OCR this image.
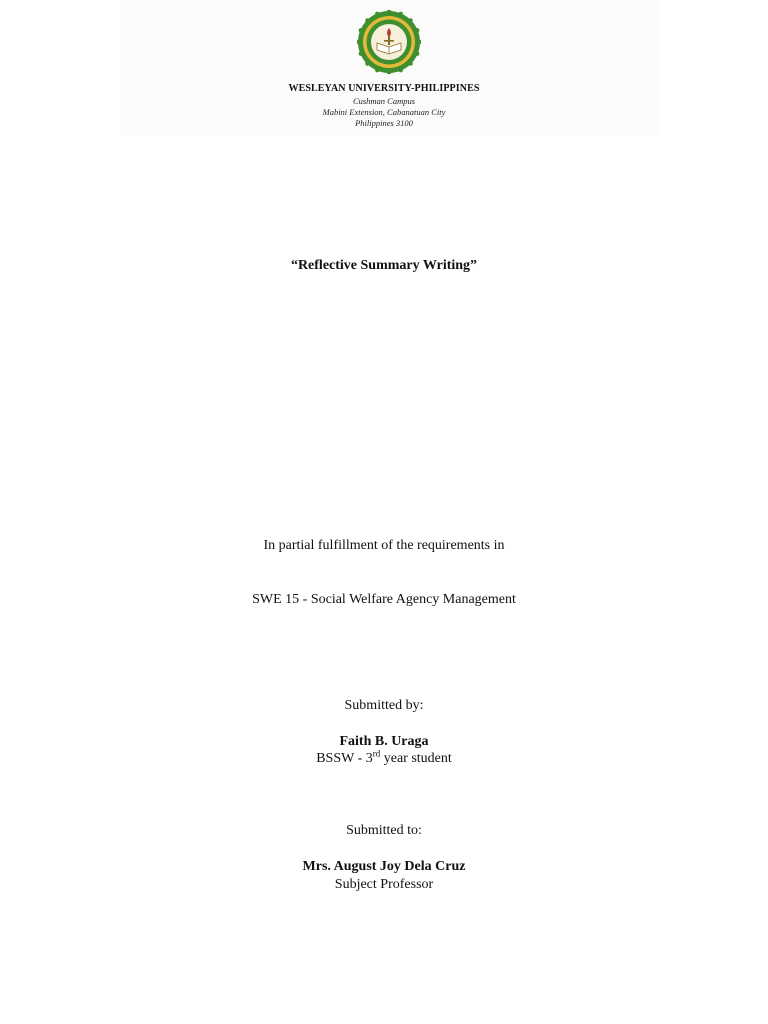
WESLEYAN UNIVERSITY-PHILIPPINES
Cushman Campus
Mabini Extension, Cabanatuan City
Philippines 3100
“Reflective Summary Writing”
In partial fulfillment of the requirements in
SWE 15 - Social Welfare Agency Management
Submitted by:
Faith B. Uraga
BSSW - 3rd year student
Submitted to:
Mrs. August Joy Dela Cruz
Subject Professor
